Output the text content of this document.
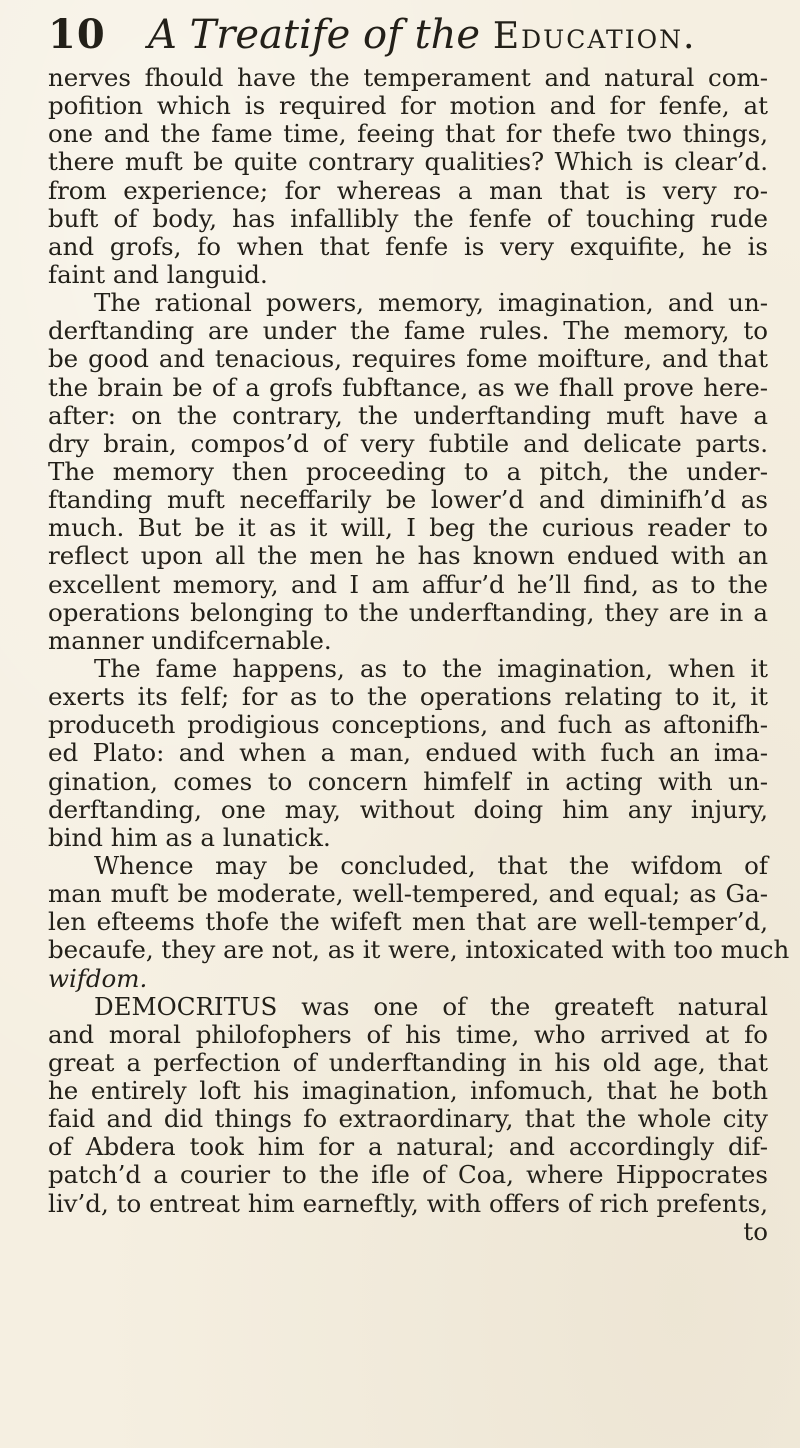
10 A Treatife of the Education.
nerves fhould have the temperament and natural com-
pofition which is required for motion and for fenfe, at
one and the fame time, feeing that for thefe two things,
there muft be quite contrary qualities? Which is clear’d.
from experience; for whereas a man that is very ro-
buft of body, has infallibly the fenfe of touching rude
and grofs, fo when that fenfe is very exquifite, he is
faint and languid.
The rational powers, memory, imagination, and un-
derftanding are under the fame rules. The memory, to
be good and tenacious, requires fome moifture, and that
the brain be of a grofs fubftance, as we fhall prove here-
after: on the contrary, the underftanding muft have a
dry brain, compos’d of very fubtile and delicate parts.
The memory then proceeding to a pitch, the under-
ftanding muft neceffarily be lower’d and diminifh’d as
much. But be it as it will, I beg the curious reader to
reflect upon all the men he has known endued with an
excellent memory, and I am affur’d he’ll find, as to the
operations belonging to the underftanding, they are in a
manner undifcernable.
The fame happens, as to the imagination, when it
exerts its felf; for as to the operations relating to it, it
produceth prodigious conceptions, and fuch as aftonifh-
ed Plato: and when a man, endued with fuch an ima-
gination, comes to concern himfelf in acting with un-
derftanding, one may, without doing him any injury,
bind him as a lunatick.
Whence may be concluded, that the wifdom of
man muft be moderate, well-tempered, and equal; as Ga-
len efteems thofe the wifeft men that are well-temper’d,
becaufe, they are not, as it were, intoxicated with too much
wifdom.
DEMOCRITUS was one of the greateft natural
and moral philofophers of his time, who arrived at fo
great a perfection of underftanding in his old age, that
he entirely loft his imagination, infomuch, that he both
faid and did things fo extraordinary, that the whole city
of Abdera took him for a natural; and accordingly dif-
patch’d a courier to the ifle of Coa, where Hippocrates
liv’d, to entreat him earneftly, with offers of rich prefents,
to
